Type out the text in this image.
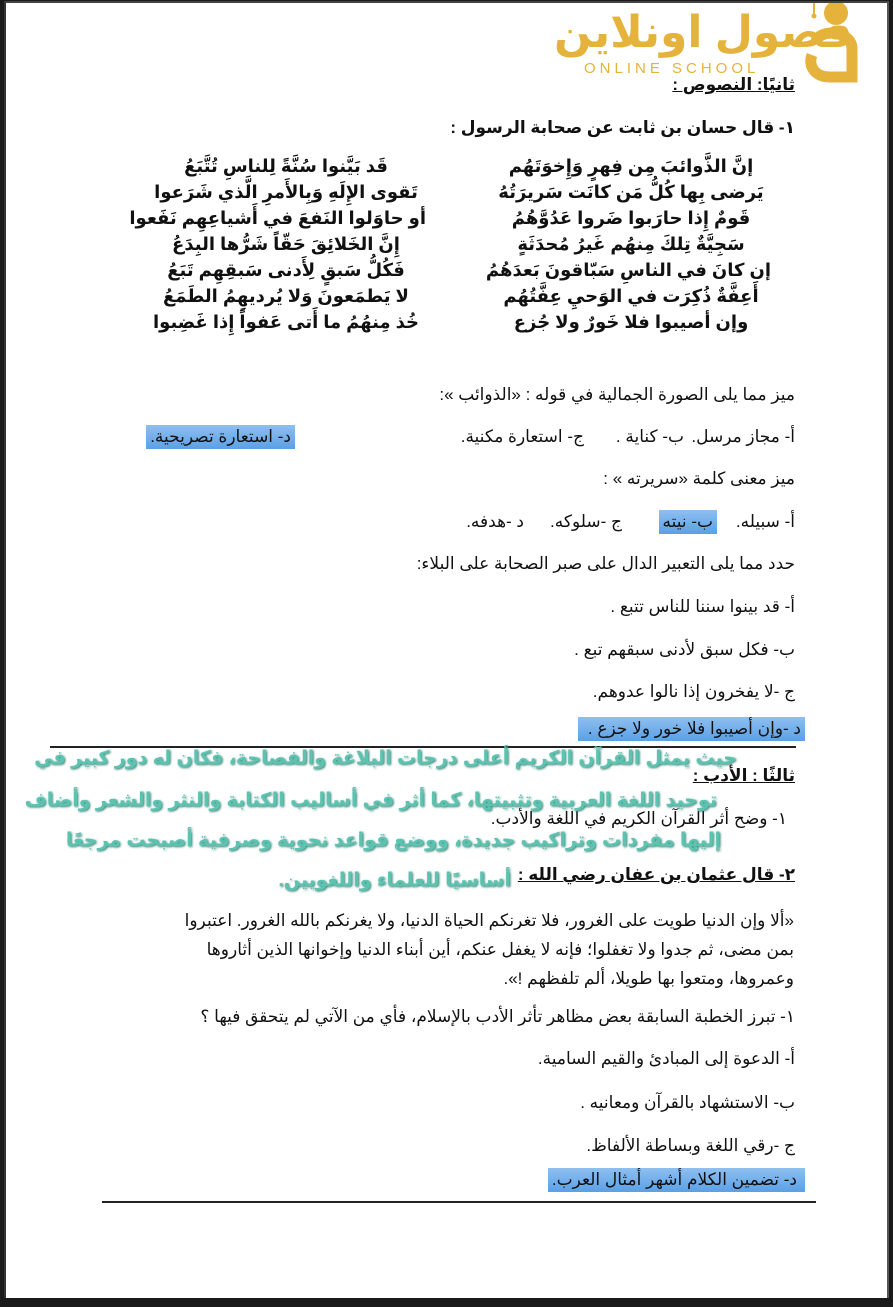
فصول اونلاين
ONLINE SCHOOL
ثانيًا: النصوص :
١- قال حسان بن ثابت عن صحابة الرسول :
إنَّ الذَّوائبَ مِن فِهرٍ وَإِخوَتَهُم
يَرضى بِها كُلُّ مَن كانَت سَريرَتُهُ
قَومٌ إِذا حارَبوا ضَروا عَدُوَّهُمُ
سَجِيَّةٌ تِلكَ مِنهُم غَيرُ مُحدَثَةٍ
إن كانَ في الناسِ سَبّاقونَ بَعدَهُمُ
أَعِفَّةٌ ذُكِرَت في الوَحيِ عِفَّتُهُم
وإن أصيبوا فلا خَورٌ ولا جُزع
قَد بَيَّنوا سُنَّةً لِلناسِ تُتَّبَعُ
تَقوى الإِلَهِ وَبِالأَمرِ الَّذي شَرَعوا
أو حاوَلوا النَفعَ في أَشياعِهِم نَفَعوا
إِنَّ الخَلائِقَ حَقّاً شَرُّها البِدَعُ
فَكُلُّ سَبقٍ لِأَدنى سَبقِهِم تَبَعُ
لا يَطمَعونَ وَلا يُرديهِمُ الطَمَعُ
خُذ مِنهُمُ ما أَتى عَفواً إِذا غَضِبوا
ميز مما يلى الصورة الجمالية في قوله : «الذوائب »:
أ- مجاز مرسل.
ب- كناية .
ج- استعارة مكنية.
د- استعارة تصريحية.
ميز معنى كلمة «سريرته » :
أ- سبيله.
ب- نيته
ج -سلوكه.
د -هدفه.
حدد مما يلى التعبير الدال على صبر الصحابة على البلاء:
أ- قد بينوا سننا للناس تتبع .
ب- فكل سبق لأدنى سبقهم تبع .
ج -لا يفخرون إذا نالوا عدوهم.
د -وإن أصيبوا فلا خور ولا جزع .
ثالثًا : الأدب :
١- وضح أثر القرآن الكريم في اللغة والأدب.
٢- قال عثمان بن عفان رضي الله :
حيث يمثل القرآن الكريم أعلى درجات البلاغة والفصاحة، فكان له دور كبير في
توحيد اللغة العربية وتثبيتها، كما أثر في أساليب الكتابة والنثر والشعر وأضاف
إليها مفردات وتراكيب جديدة، ووضع قواعد نحوية وصرفية أصبحت مرجعًا
أساسيًا للعلماء واللغويين.
«ألا وإن الدنيا طويت على الغرور، فلا تغرنكم الحياة الدنيا، ولا يغرنكم بالله الغرور. اعتبروا
بمن مضى، ثم جدوا ولا تغفلوا؛ فإنه لا يغفل عنكم، أين أبناء الدنيا وإخوانها الذين أثاروها
وعمروها، ومتعوا بها طويلا، ألم تلفظهم !».
١- تبرز الخطبة السابقة بعض مظاهر تأثر الأدب بالإسلام، فأي من الآتي لم يتحقق فيها ؟
أ- الدعوة إلى المبادئ والقيم السامية.
ب- الاستشهاد بالقرآن ومعانيه .
ج -رقي اللغة وبساطة الألفاظ.
د- تضمين الكلام أشهر أمثال العرب.
